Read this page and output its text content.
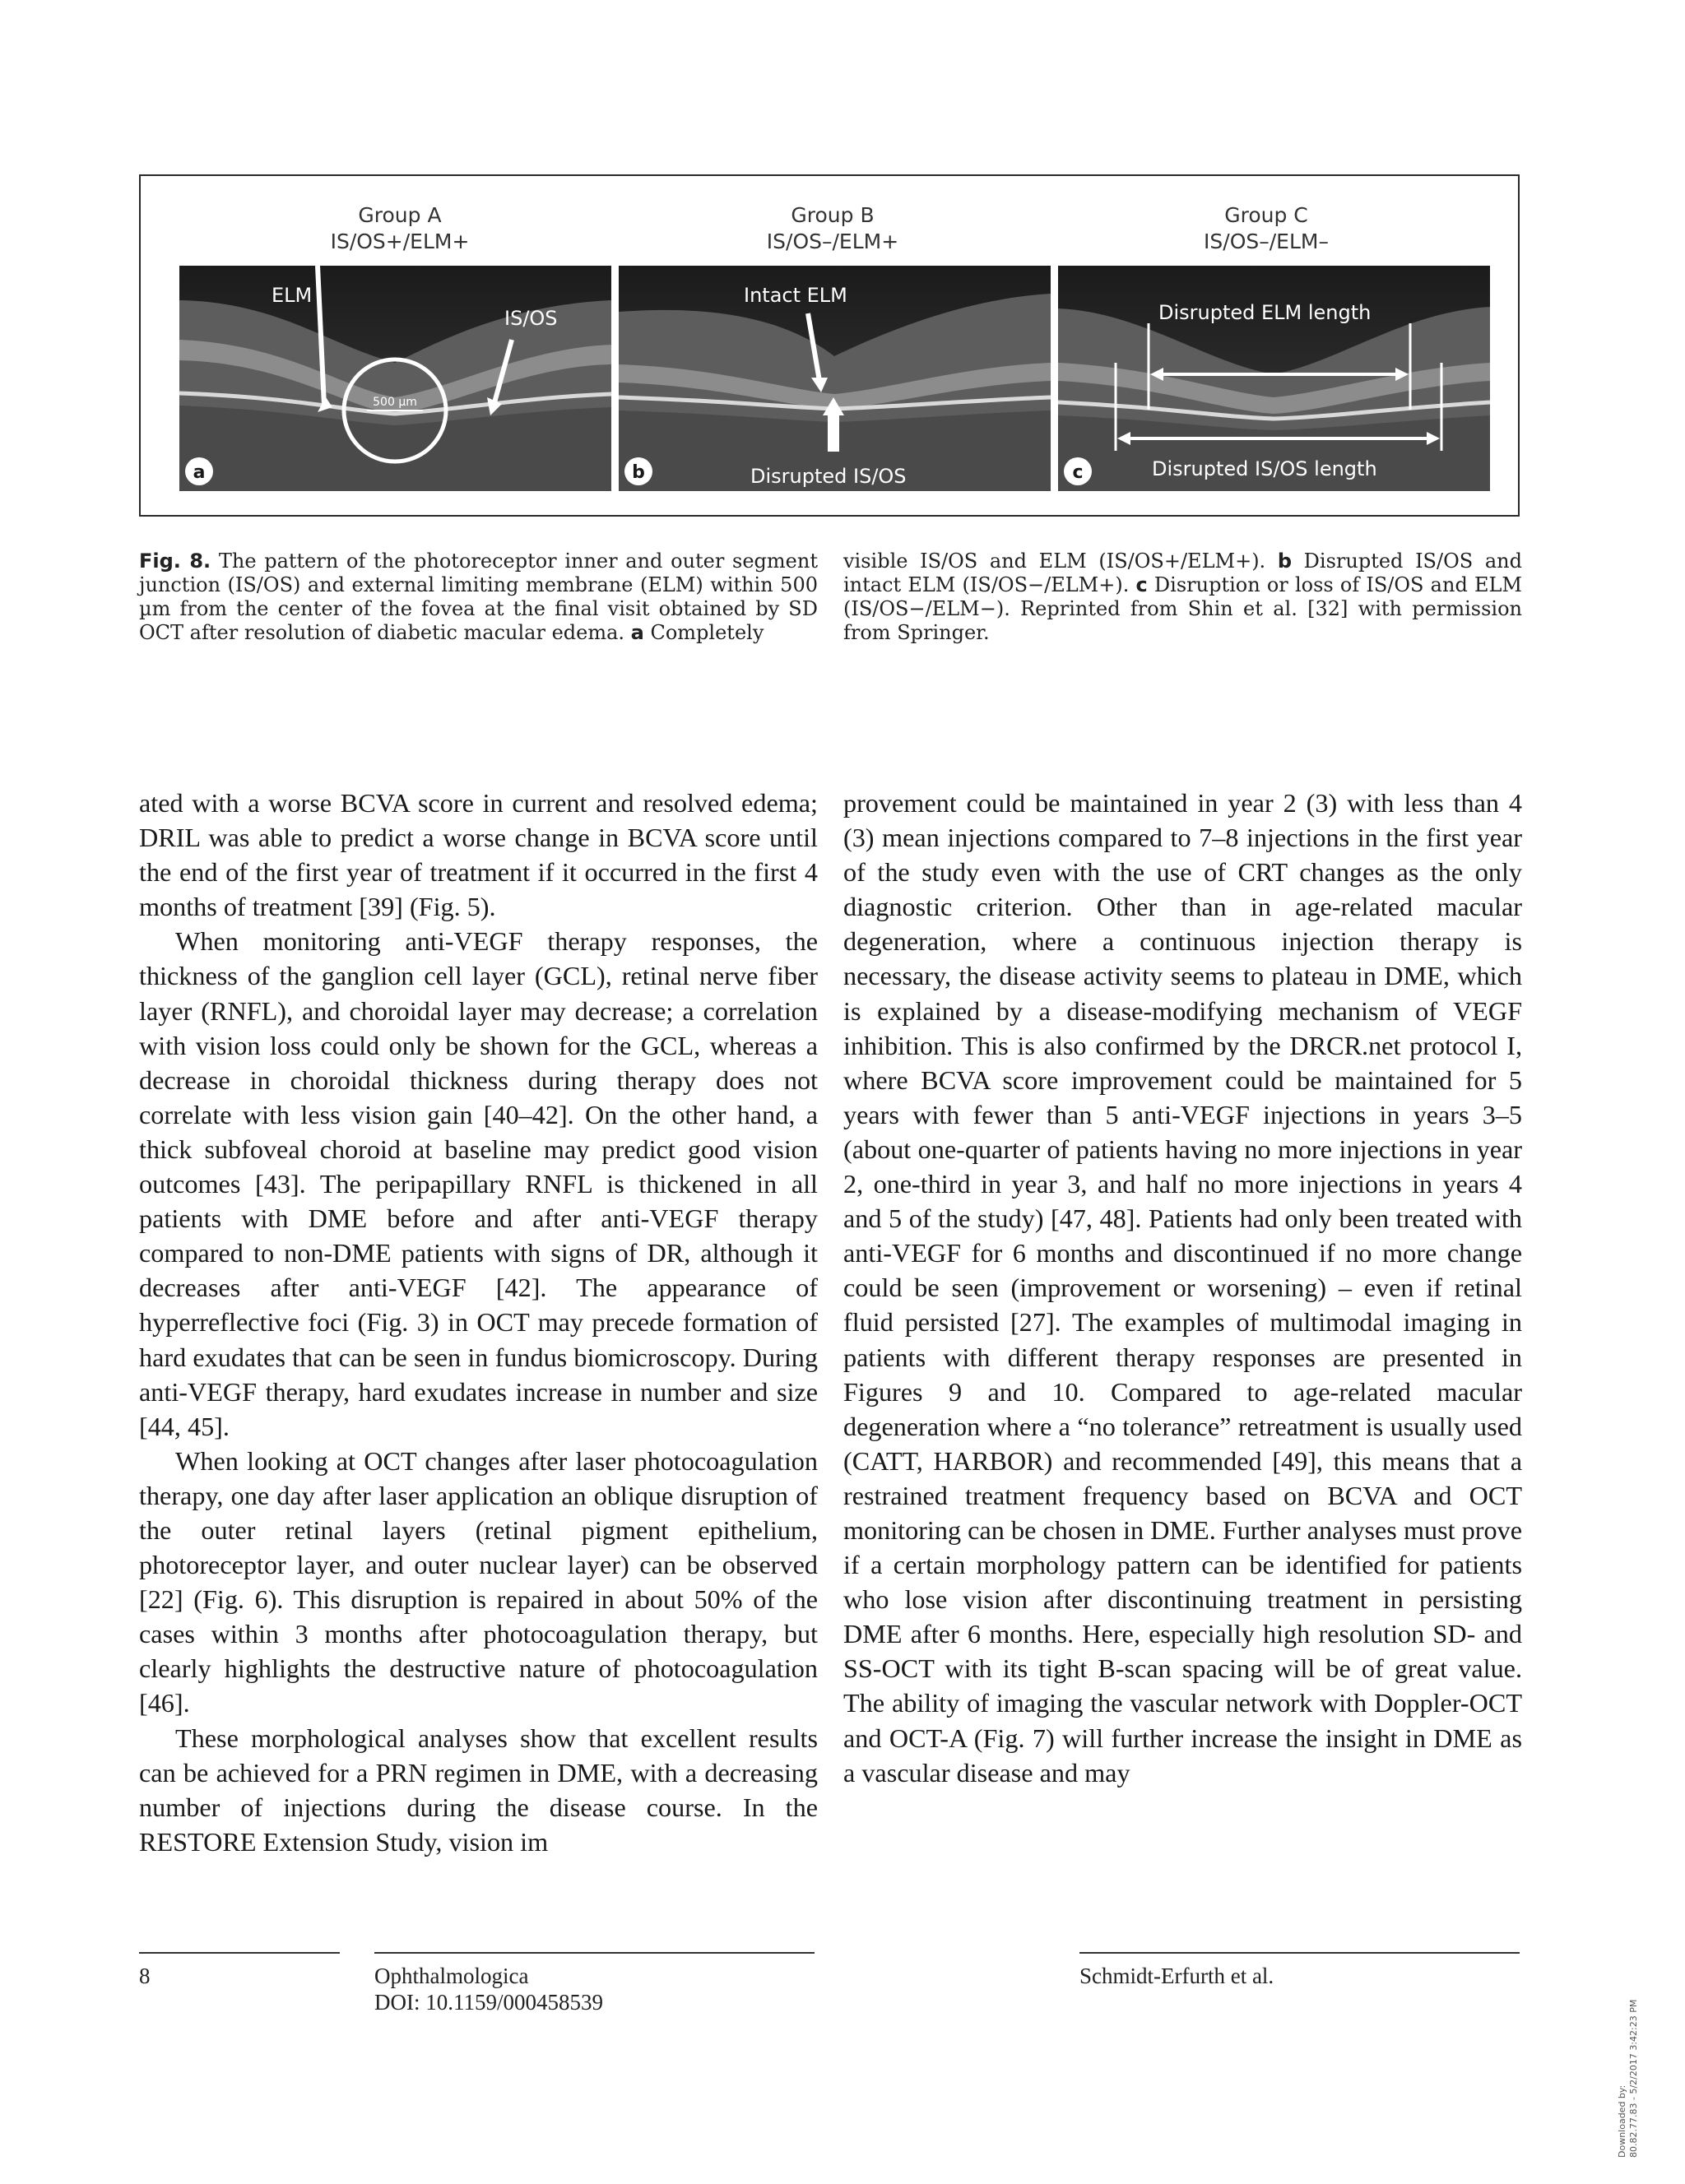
Group A
IS/OS+/ELM+
Group B
IS/OS–/ELM+
Group C
IS/OS–/ELM–
ELM
IS/OS
500 µm
a
Intact ELM
Disrupted IS/OS
b
Disrupted ELM length
Disrupted IS/OS length
c
Fig. 8. The pattern of the photoreceptor inner and outer segment junction (IS/OS) and external limiting membrane (ELM) within 500 µm from the center of the fovea at the final visit obtained by SD OCT after resolution of diabetic macular edema. a Completely
visible IS/OS and ELM (IS/OS+/ELM+). b Disrupted IS/OS and intact ELM (IS/OS−/ELM+). c Disruption or loss of IS/OS and ELM (IS/OS−/ELM−). Reprinted from Shin et al. [32] with permission from Springer.

ated with a worse BCVA score in current and resolved edema; DRIL was able to predict a worse change in BCVA score until the end of the first year of treatment if it occurred in the first 4 months of treatment [39] (Fig. 5).

When monitoring anti-VEGF therapy responses, the thickness of the ganglion cell layer (GCL), retinal nerve fiber layer (RNFL), and choroidal layer may decrease; a correlation with vision loss could only be shown for the GCL, whereas a decrease in choroidal thickness during therapy does not correlate with less vision gain [40–42]. On the other hand, a thick subfoveal choroid at baseline may predict good vision outcomes [43]. The peripapillary RNFL is thickened in all patients with DME before and after anti-VEGF therapy compared to non-DME patients with signs of DR, although it decreases after anti-VEGF [42]. The appearance of hyperreflective foci (Fig. 3) in OCT may precede formation of hard exudates that can be seen in fundus biomicroscopy. During anti-VEGF therapy, hard exudates increase in number and size [44, 45].

When looking at OCT changes after laser photocoagulation therapy, one day after laser application an oblique disruption of the outer retinal layers (retinal pigment epithelium, photoreceptor layer, and outer nuclear layer) can be observed [22] (Fig. 6). This disruption is repaired in about 50% of the cases within 3 months after photocoagulation therapy, but clearly highlights the destructive nature of photocoagulation [46].

These morphological analyses show that excellent results can be achieved for a PRN regimen in DME, with a decreasing number of injections during the disease course. In the RESTORE Extension Study, vision im

provement could be maintained in year 2 (3) with less than 4 (3) mean injections compared to 7–8 injections in the first year of the study even with the use of CRT changes as the only diagnostic criterion. Other than in age-related macular degeneration, where a continuous injection therapy is necessary, the disease activity seems to plateau in DME, which is explained by a disease-modifying mechanism of VEGF inhibition. This is also confirmed by the DRCR.net protocol I, where BCVA score improvement could be maintained for 5 years with fewer than 5 anti-VEGF injections in years 3–5 (about one-quarter of patients having no more injections in year 2, one-third in year 3, and half no more injections in years 4 and 5 of the study) [47, 48]. Patients had only been treated with anti-VEGF for 6 months and discontinued if no more change could be seen (improvement or worsening) – even if retinal fluid persisted [27]. The examples of multimodal imaging in patients with different therapy responses are presented in Figures 9 and 10. Compared to age-related macular degeneration where a “no tolerance” retreatment is usually used (CATT, HARBOR) and recommended [49], this means that a restrained treatment frequency based on BCVA and OCT monitoring can be chosen in DME. Further analyses must prove if a certain morphology pattern can be identified for patients who lose vision after discontinuing treatment in persisting DME after 6 months. Here, especially high resolution SD- and SS-OCT with its tight B-scan spacing will be of great value. The ability of imaging the vascular network with Doppler-OCT and OCT-A (Fig. 7) will further increase the insight in DME as a vascular disease and may

8	Ophthalmologica
DOI: 10.1159/000458539
Schmidt-Erfurth et al.
Downloaded by: 80.82.77.83 - 5/2/2017 3:42:23 PM
